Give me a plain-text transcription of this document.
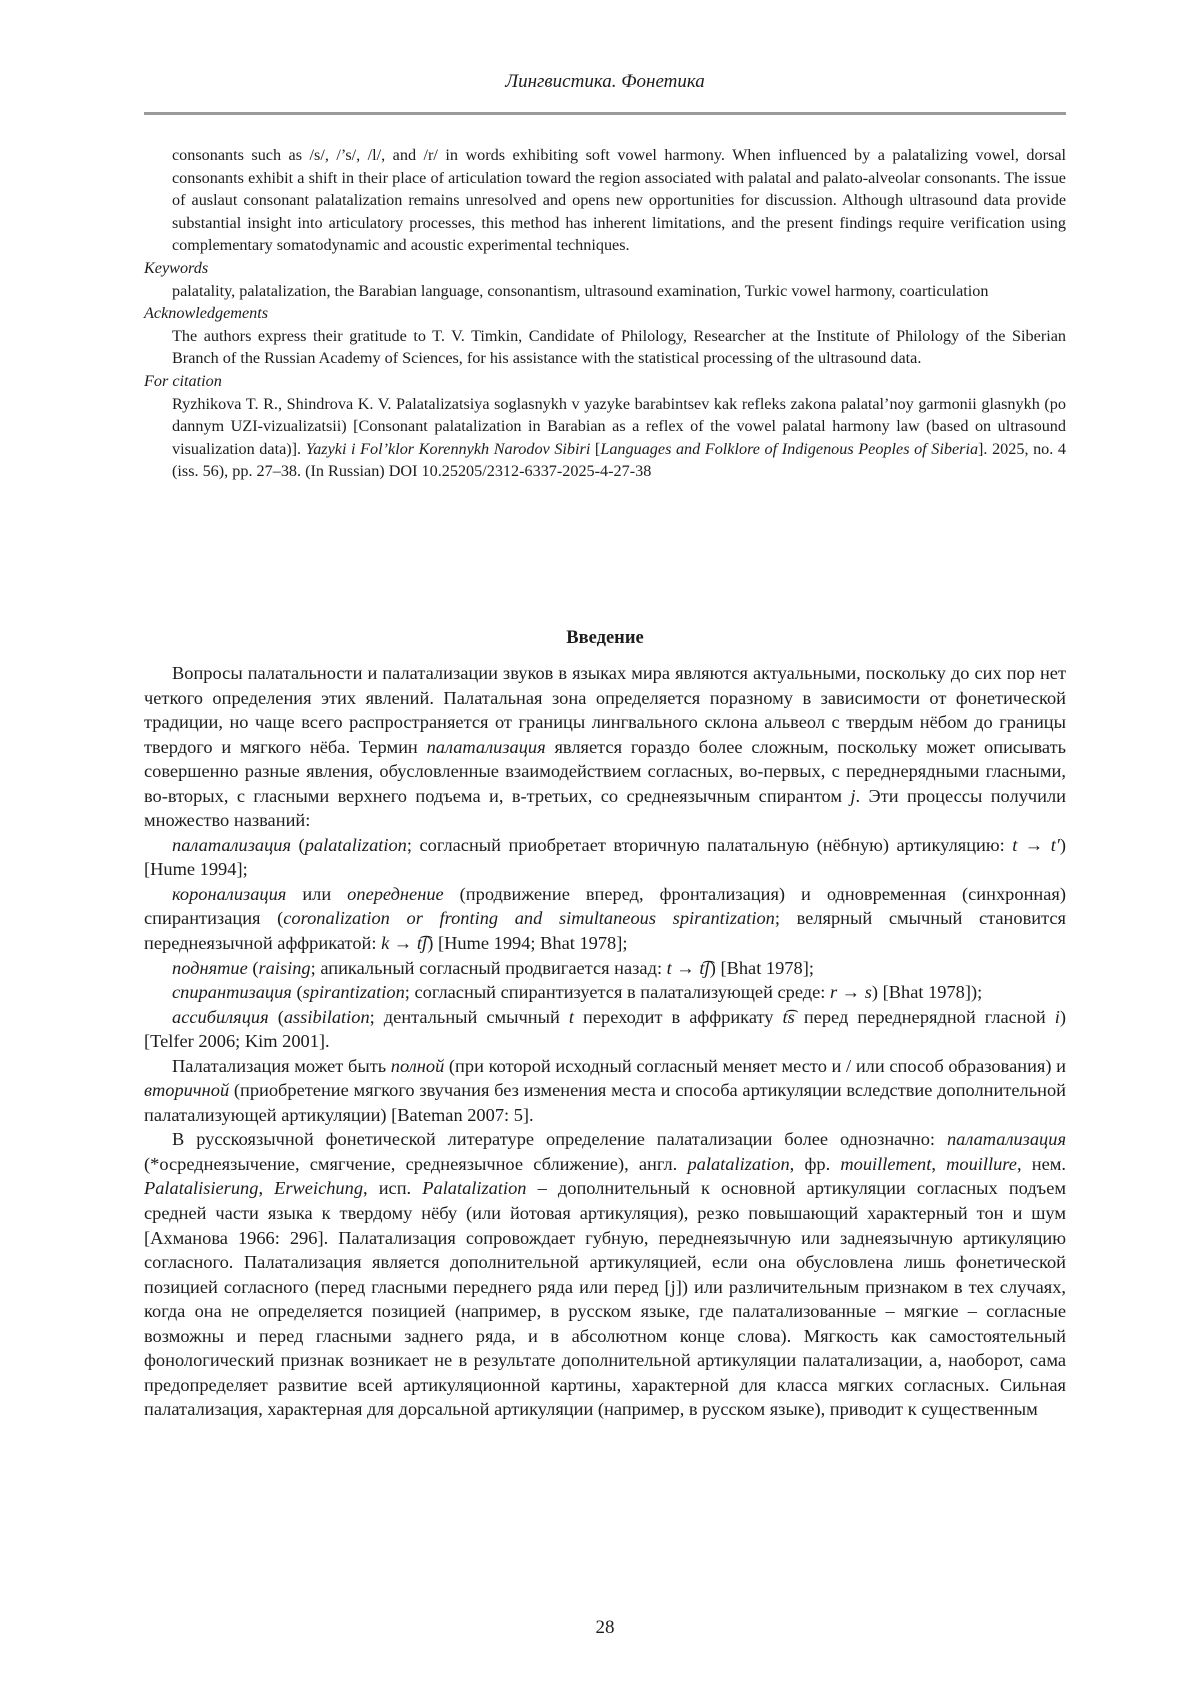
Лингвистика. Фонетика

consonants such as /s/, /’s/, /l/, and /r/ in words exhibiting soft vowel harmony. When influenced by a palatalizing vowel, dorsal consonants exhibit a shift in their place of articulation toward the region associated with palatal and palato-alveolar consonants. The issue of auslaut consonant palatalization remains unresolved and opens new opportunities for discussion. Although ultrasound data provide substantial insight into articulatory processes, this method has inherent limitations, and the present findings require verification using complementary somatodynamic and acoustic experimental techniques.

Keywords

palatality, palatalization, the Barabian language, consonantism, ultrasound examination, Turkic vowel harmony, coarticulation

Acknowledgements

The authors express their gratitude to T. V. Timkin, Candidate of Philology, Researcher at the Institute of Philology of the Siberian Branch of the Russian Academy of Sciences, for his assistance with the statistical processing of the ultrasound data.

For citation

Ryzhikova T. R., Shindrova K. V. Palatalizatsiya soglasnykh v yazyke barabintsev kak refleks zakona palatal’noy garmonii glasnykh (po dannym UZI-vizualizatsii) [Consonant palatalization in Barabian as a reflex of the vowel palatal harmony law (based on ultrasound visualization data)]. Yazyki i Fol’klor Korennykh Narodov Sibiri [Languages and Folklore of Indigenous Peoples of Siberia]. 2025, no. 4 (iss. 56), pp. 27–38. (In Russian) DOI 10.25205/2312-6337-2025-4-27-38

Введение

Вопросы палатальности и палатализации звуков в языках мира являются актуальными, поскольку до сих пор нет четкого определения этих явлений. Палатальная зона определяется поразному в зависимости от фонетической традиции, но чаще всего распространяется от границы лингвального склона альвеол с твердым нёбом до границы твердого и мягкого нёба. Термин палатализация является гораздо более сложным, поскольку может описывать совершенно разные явления, обусловленные взаимодействием согласных, во-первых, с переднерядными гласными, во-вторых, с гласными верхнего подъема и, в-третьих, со среднеязычным спирантом j. Эти процессы получили множество названий:

палатализация (palatalization; согласный приобретает вторичную палатальную (нёбную) артикуляцию: t → t′) [Hume 1994];

коронализация или опереднение (продвижение вперед, фронтализация) и одновременная (синхронная) спирантизация (coronalization or fronting and simultaneous spirantization; велярный смычный становится переднеязычной аффрикатой: k → t͡ʃ) [Hume 1994; Bhat 1978];

поднятие (raising; апикальный согласный продвигается назад: t → t͡ʃ) [Bhat 1978];

спирантизация (spirantization; согласный спирантизуется в палатализующей среде: r → s) [Bhat 1978]);

ассибиляция (assibilation; дентальный смычный t переходит в аффрикату t͡s перед переднерядной гласной i) [Telfer 2006; Kim 2001].

Палатализация может быть полной (при которой исходный согласный меняет место и / или способ образования) и вторичной (приобретение мягкого звучания без изменения места и способа артикуляции вследствие дополнительной палатализующей артикуляции) [Bateman 2007: 5].

В русскоязычной фонетической литературе определение палатализации более однозначно: палатализация (*осреднеязычение, смягчение, среднеязычное сближение), англ. palatalization, фр. mouillement, mouillure, нем. Palatalisierung, Erweichung, исп. Palatalization – дополнительный к основной артикуляции согласных подъем средней части языка к твердому нёбу (или йотовая артикуляция), резко повышающий характерный тон и шум [Ахманова 1966: 296]. Палатализация сопровождает губную, переднеязычную или заднеязычную артикуляцию согласного. Палатализация является дополнительной артикуляцией, если она обусловлена лишь фонетической позицией согласного (перед гласными переднего ряда или перед [j]) или различительным признаком в тех случаях, когда она не определяется позицией (например, в русском языке, где палатализованные – мягкие – согласные возможны и перед гласными заднего ряда, и в абсолютном конце слова). Мягкость как самостоятельный фонологический признак возникает не в результате дополнительной артикуляции палатализации, а, наоборот, сама предопределяет развитие всей артикуляционной картины, характерной для класса мягких согласных. Сильная палатализация, характерная для дорсальной артикуляции (например, в русском языке), приводит к существенным

28
